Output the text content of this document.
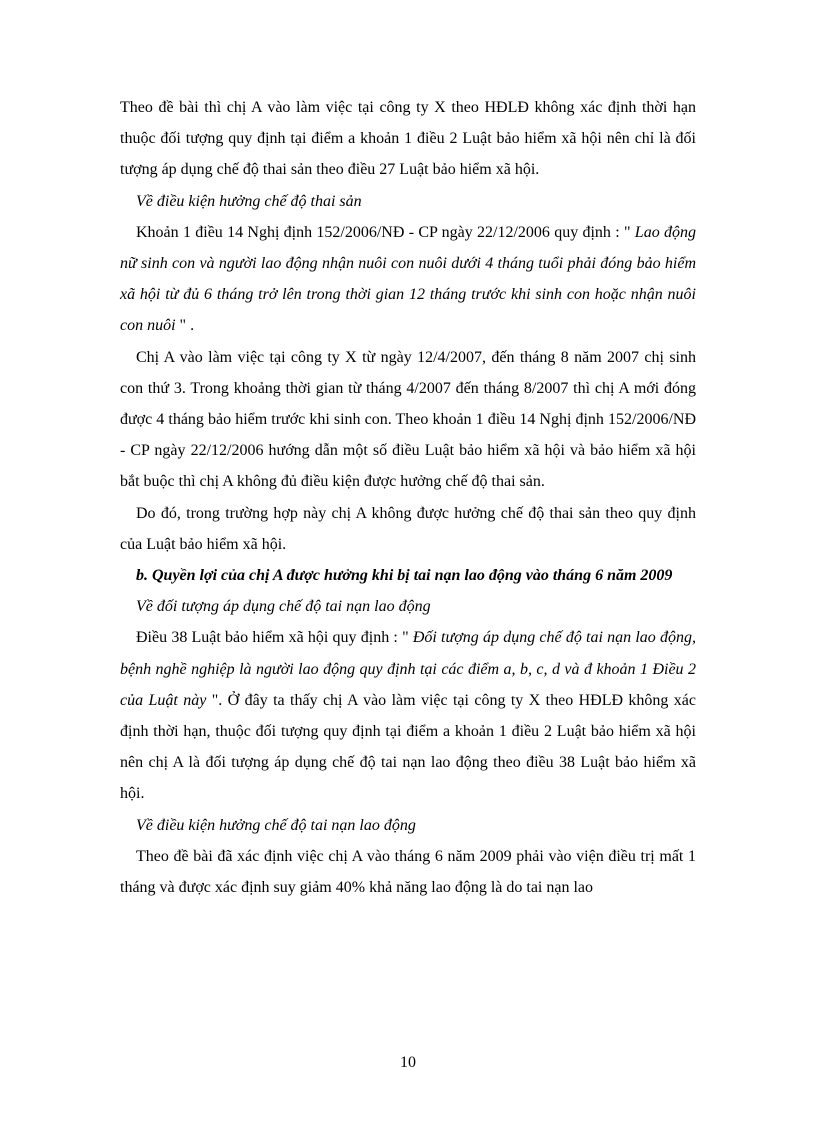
Theo đề bài thì chị A vào làm việc tại công ty X theo HĐLĐ không xác định thời hạn thuộc đối tượng quy định tại điểm a khoản 1 điều 2 Luật bảo hiểm xã hội nên chỉ là đối tượng áp dụng chế độ thai sản theo điều 27 Luật bảo hiểm xã hội.

Về điều kiện hưởng chế độ thai sản

Khoản 1 điều 14 Nghị định 152/2006/NĐ - CP ngày 22/12/2006 quy định : " Lao động nữ sinh con và người lao động nhận nuôi con nuôi dưới 4 tháng tuổi phải đóng bảo hiểm xã hội từ đủ 6 tháng trở lên trong thời gian 12 tháng trước khi sinh con hoặc nhận nuôi con nuôi " .

Chị A vào làm việc tại công ty X từ ngày 12/4/2007, đến tháng 8 năm 2007 chị sinh con thứ 3. Trong khoảng thời gian từ tháng 4/2007 đến tháng 8/2007 thì chị A mới đóng được 4 tháng bảo hiểm trước khi sinh con. Theo khoản 1 điều 14 Nghị định 152/2006/NĐ - CP ngày 22/12/2006 hướng dẫn một số điều Luật bảo hiểm xã hội và bảo hiểm xã hội bắt buộc thì chị A không đủ điều kiện được hưởng chế độ thai sản.

Do đó, trong trường hợp này chị A không được hưởng chế độ thai sản theo quy định của Luật bảo hiểm xã hội.

b. Quyền lợi của chị A được hưởng khi bị tai nạn lao động vào tháng 6 năm 2009

Về đối tượng áp dụng chế độ tai nạn lao động

Điều 38 Luật bảo hiểm xã hội quy định : " Đối tượng áp dụng chế độ tai nạn lao động, bệnh nghề nghiệp là người lao động quy định tại các điểm a, b, c, d và đ khoản 1 Điều 2 của Luật này ". Ở đây ta thấy chị A vào làm việc tại công ty X theo HĐLĐ không xác định thời hạn, thuộc đối tượng quy định tại điểm a khoản 1 điều 2 Luật bảo hiểm xã hội nên chị A là đối tượng áp dụng chế độ tai nạn lao động theo điều 38 Luật bảo hiểm xã hội.

Về điều kiện hưởng chế độ tai nạn lao động

Theo đề bài đã xác định việc chị A vào tháng 6 năm 2009 phải vào viện điều trị mất 1 tháng và được xác định suy giảm 40% khả năng lao động là do tai nạn lao

10
